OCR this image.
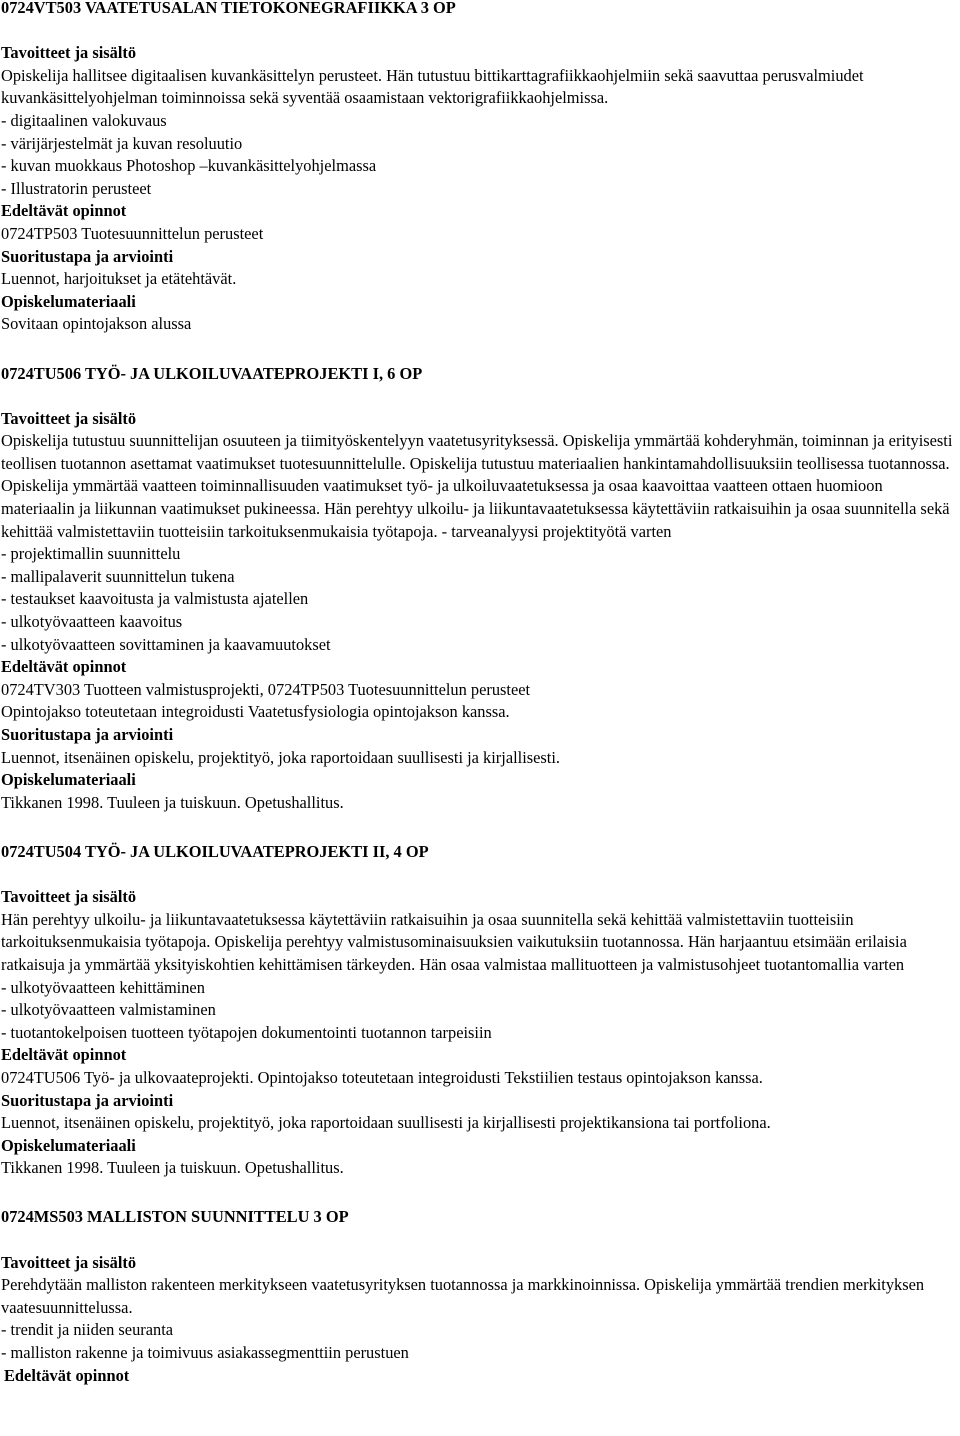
0724VT503 VAATETUSALAN TIETOKONEGRAFIIKKA 3 OP

Tavoitteet ja sisältö

Opiskelija hallitsee digitaalisen kuvankäsittelyn perusteet. Hän tutustuu bittikarttagrafiikkaohjelmiin sekä saavuttaa perusvalmiudet kuvankäsittelyohjelman toiminnoissa sekä syventää osaamistaan vektorigrafiikkaohjelmissa.

- digitaalinen valokuvaus

- värijärjestelmät ja kuvan resoluutio

- kuvan muokkaus Photoshop –kuvankäsittelyohjelmassa

- Illustratorin perusteet

Edeltävät opinnot

0724TP503 Tuotesuunnittelun perusteet

Suoritustapa ja arviointi

Luennot, harjoitukset ja etätehtävät.

Opiskelumateriaali

Sovitaan opintojakson alussa

0724TU506 TYÖ- JA ULKOILUVAATEPROJEKTI I, 6 OP

Tavoitteet ja sisältö

Opiskelija tutustuu suunnittelijan osuuteen ja tiimityöskentelyyn vaatetusyrityksessä. Opiskelija ymmärtää kohderyhmän, toiminnan ja erityisesti teollisen tuotannon asettamat vaatimukset tuotesuunnittelulle. Opiskelija tutustuu materiaalien hankintamahdollisuuksiin teollisessa tuotannossa. Opiskelija ymmärtää vaatteen toiminnallisuuden vaatimukset työ- ja ulkoiluvaatetuksessa ja osaa kaavoittaa vaatteen ottaen huomioon materiaalin ja liikunnan vaatimukset pukineessa. Hän perehtyy ulkoilu- ja liikuntavaatetuksessa käytettäviin ratkaisuihin ja osaa suunnitella sekä kehittää valmistettaviin tuotteisiin tarkoituksenmukaisia työtapoja. - tarveanalyysi projektityötä varten

- projektimallin suunnittelu

- mallipalaverit suunnittelun tukena

- testaukset kaavoitusta ja valmistusta ajatellen

- ulkotyövaatteen kaavoitus

- ulkotyövaatteen sovittaminen ja kaavamuutokset

Edeltävät opinnot

0724TV303 Tuotteen valmistusprojekti, 0724TP503 Tuotesuunnittelun perusteet

Opintojakso toteutetaan integroidusti Vaatetusfysiologia opintojakson kanssa.

Suoritustapa ja arviointi

Luennot, itsenäinen opiskelu, projektityö, joka raportoidaan suullisesti ja kirjallisesti.

Opiskelumateriaali

Tikkanen 1998. Tuuleen ja tuiskuun. Opetushallitus.

0724TU504 TYÖ- JA ULKOILUVAATEPROJEKTI II, 4 OP

Tavoitteet ja sisältö

Hän perehtyy ulkoilu- ja liikuntavaatetuksessa käytettäviin ratkaisuihin ja osaa suunnitella sekä kehittää valmistettaviin tuotteisiin tarkoituksenmukaisia työtapoja. Opiskelija perehtyy valmistusominaisuuksien vaikutuksiin tuotannossa. Hän harjaantuu etsimään erilaisia ratkaisuja ja ymmärtää yksityiskohtien kehittämisen tärkeyden. Hän osaa valmistaa mallituotteen ja valmistusohjeet tuotantomallia varten

- ulkotyövaatteen kehittäminen

- ulkotyövaatteen valmistaminen

- tuotantokelpoisen tuotteen työtapojen dokumentointi tuotannon tarpeisiin

Edeltävät opinnot

0724TU506 Työ- ja ulkovaateprojekti. Opintojakso toteutetaan integroidusti Tekstiilien testaus opintojakson kanssa.

Suoritustapa ja arviointi

Luennot, itsenäinen opiskelu, projektityö, joka raportoidaan suullisesti ja kirjallisesti projektikansiona tai portfoliona.

Opiskelumateriaali

Tikkanen 1998. Tuuleen ja tuiskuun. Opetushallitus.

0724MS503 MALLISTON SUUNNITTELU 3 OP

Tavoitteet ja sisältö

Perehdytään malliston rakenteen merkitykseen vaatetusyrityksen tuotannossa ja markkinoinnissa. Opiskelija ymmärtää trendien merkityksen vaatesuunnittelussa.

- trendit ja niiden seuranta

- malliston rakenne ja toimivuus asiakassegmenttiin perustuen

Edeltävät opinnot
